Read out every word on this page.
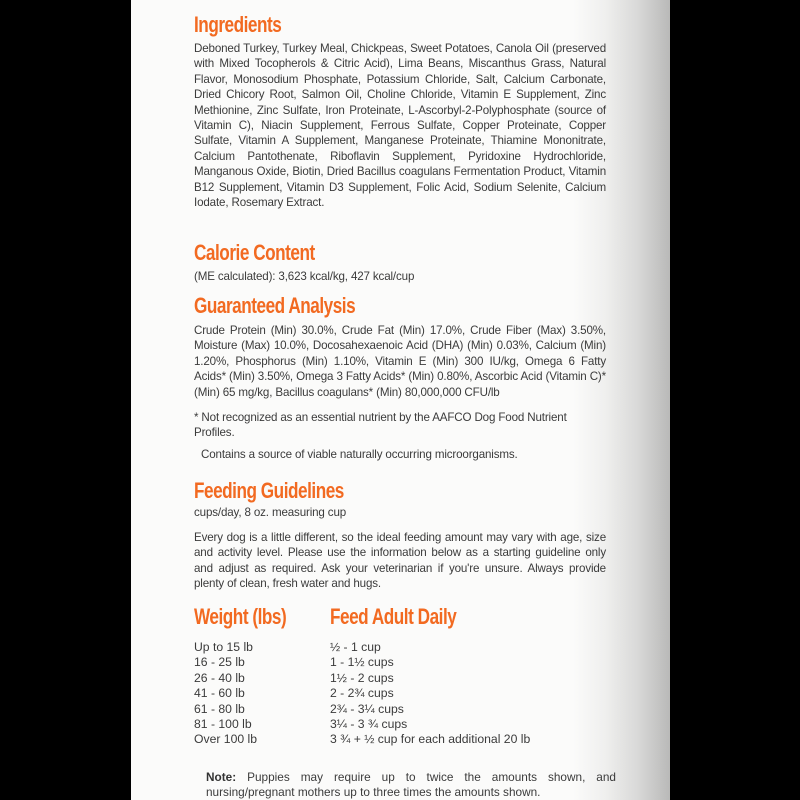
Ingredients

Deboned Turkey, Turkey Meal, Chickpeas, Sweet Potatoes, Canola Oil (preserved with Mixed Tocopherols & Citric Acid), Lima Beans, Miscanthus Grass, Natural Flavor, Monosodium Phosphate, Potassium Chloride, Salt, Calcium Carbonate, Dried Chicory Root, Salmon Oil, Choline Chloride, Vitamin E Supplement, Zinc Methionine, Zinc Sulfate, Iron Proteinate, L-Ascorbyl-2-Polyphosphate (source of Vitamin C), Niacin Supplement, Ferrous Sulfate, Copper Proteinate, Copper Sulfate, Vitamin A Supplement, Manganese Proteinate, Thiamine Mononitrate, Calcium Pantothenate, Riboflavin Supplement, Pyridoxine Hydrochloride, Manganous Oxide, Biotin, Dried Bacillus coagulans Fermentation Product, Vitamin B12 Supplement, Vitamin D3 Supplement, Folic Acid, Sodium Selenite, Calcium Iodate, Rosemary Extract.

Calorie Content

(ME calculated): 3,623 kcal/kg, 427 kcal/cup

Guaranteed Analysis

Crude Protein (Min) 30.0%, Crude Fat (Min) 17.0%, Crude Fiber (Max) 3.50%, Moisture (Max) 10.0%, Docosahexaenoic Acid (DHA) (Min) 0.03%, Calcium (Min) 1.20%, Phosphorus (Min) 1.10%, Vitamin E (Min) 300 IU/kg, Omega 6 Fatty Acids* (Min) 3.50%, Omega 3 Fatty Acids* (Min) 0.80%, Ascorbic Acid (Vitamin C)* (Min) 65 mg/kg, Bacillus coagulans* (Min) 80,000,000 CFU/lb

* Not recognized as an essential nutrient by the AAFCO Dog Food Nutrient Profiles.

Contains a source of viable naturally occurring microorganisms.

Feeding Guidelines

cups/day, 8 oz. measuring cup

Every dog is a little different, so the ideal feeding amount may vary with age, size and activity level. Please use the information below as a starting guideline only and adjust as required. Ask your veterinarian if you're unsure. Always provide plenty of clean, fresh water and hugs.

Weight (lbs) Feed Adult Daily
Up to 15 lb	½ - 1 cup
16 - 25 lb	1 - 1½ cups
26 - 40 lb	1½ - 2 cups
41 - 60 lb	2 - 2¾ cups
61 - 80 lb	2¾ - 3¼ cups
81 - 100 lb	3¼ - 3 ¾ cups
Over 100 lb	3 ¾ + ½ cup for each additional 20 lb

Note: Puppies may require up to twice the amounts shown, and nursing/pregnant mothers up to three times the amounts shown.
